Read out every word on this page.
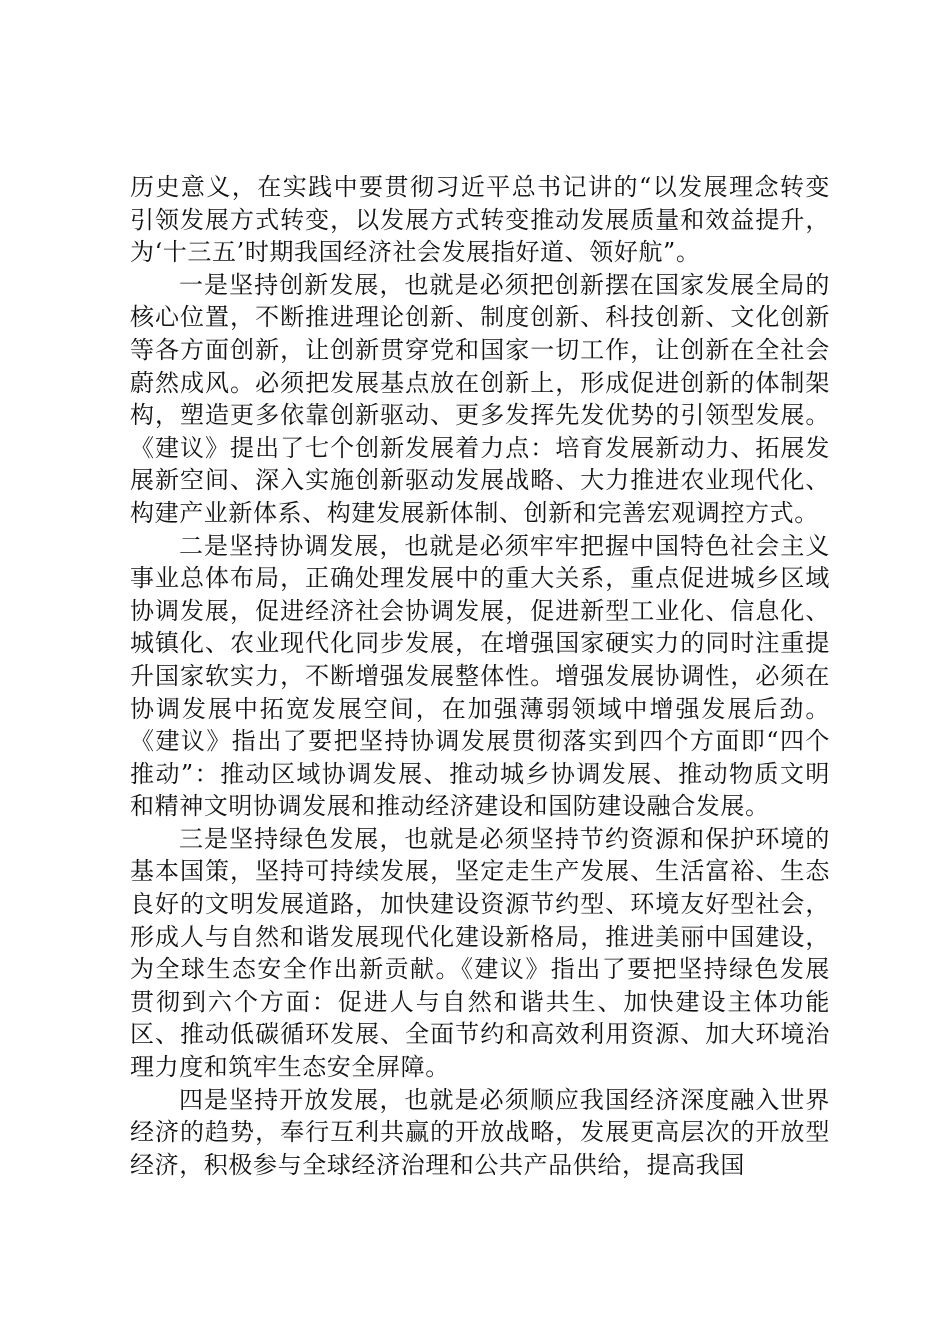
历史意义，在实践中要贯彻习近平总书记讲的“以发展理念转变引领发展方式转变，以发展方式转变推动发展质量和效益提升，为‘十三五’时期我国经济社会发展指好道、领好航”。

一是坚持创新发展，也就是必须把创新摆在国家发展全局的核心位置，不断推进理论创新、制度创新、科技创新、文化创新等各方面创新，让创新贯穿党和国家一切工作，让创新在全社会蔚然成风。必须把发展基点放在创新上，形成促进创新的体制架构，塑造更多依靠创新驱动、更多发挥先发优势的引领型发展。《建议》提出了七个创新发展着力点：培育发展新动力、拓展发展新空间、深入实施创新驱动发展战略、大力推进农业现代化、构建产业新体系、构建发展新体制、创新和完善宏观调控方式。

二是坚持协调发展，也就是必须牢牢把握中国特色社会主义事业总体布局，正确处理发展中的重大关系，重点促进城乡区域协调发展，促进经济社会协调发展，促进新型工业化、信息化、城镇化、农业现代化同步发展，在增强国家硬实力的同时注重提升国家软实力，不断增强发展整体性。增强发展协调性，必须在协调发展中拓宽发展空间，在加强薄弱领域中增强发展后劲。《建议》指出了要把坚持协调发展贯彻落实到四个方面即“四个推动”：推动区域协调发展、推动城乡协调发展、推动物质文明和精神文明协调发展和推动经济建设和国防建设融合发展。

三是坚持绿色发展，也就是必须坚持节约资源和保护环境的基本国策，坚持可持续发展，坚定走生产发展、生活富裕、生态良好的文明发展道路，加快建设资源节约型、环境友好型社会，形成人与自然和谐发展现代化建设新格局，推进美丽中国建设，为全球生态安全作出新贡献。《建议》指出了要把坚持绿色发展贯彻到六个方面：促进人与自然和谐共生、加快建设主体功能区、推动低碳循环发展、全面节约和高效利用资源、加大环境治理力度和筑牢生态安全屏障。

四是坚持开放发展，也就是必须顺应我国经济深度融入世界经济的趋势，奉行互利共赢的开放战略，发展更高层次的开放型经济，积极参与全球经济治理和公共产品供给，提高我国
